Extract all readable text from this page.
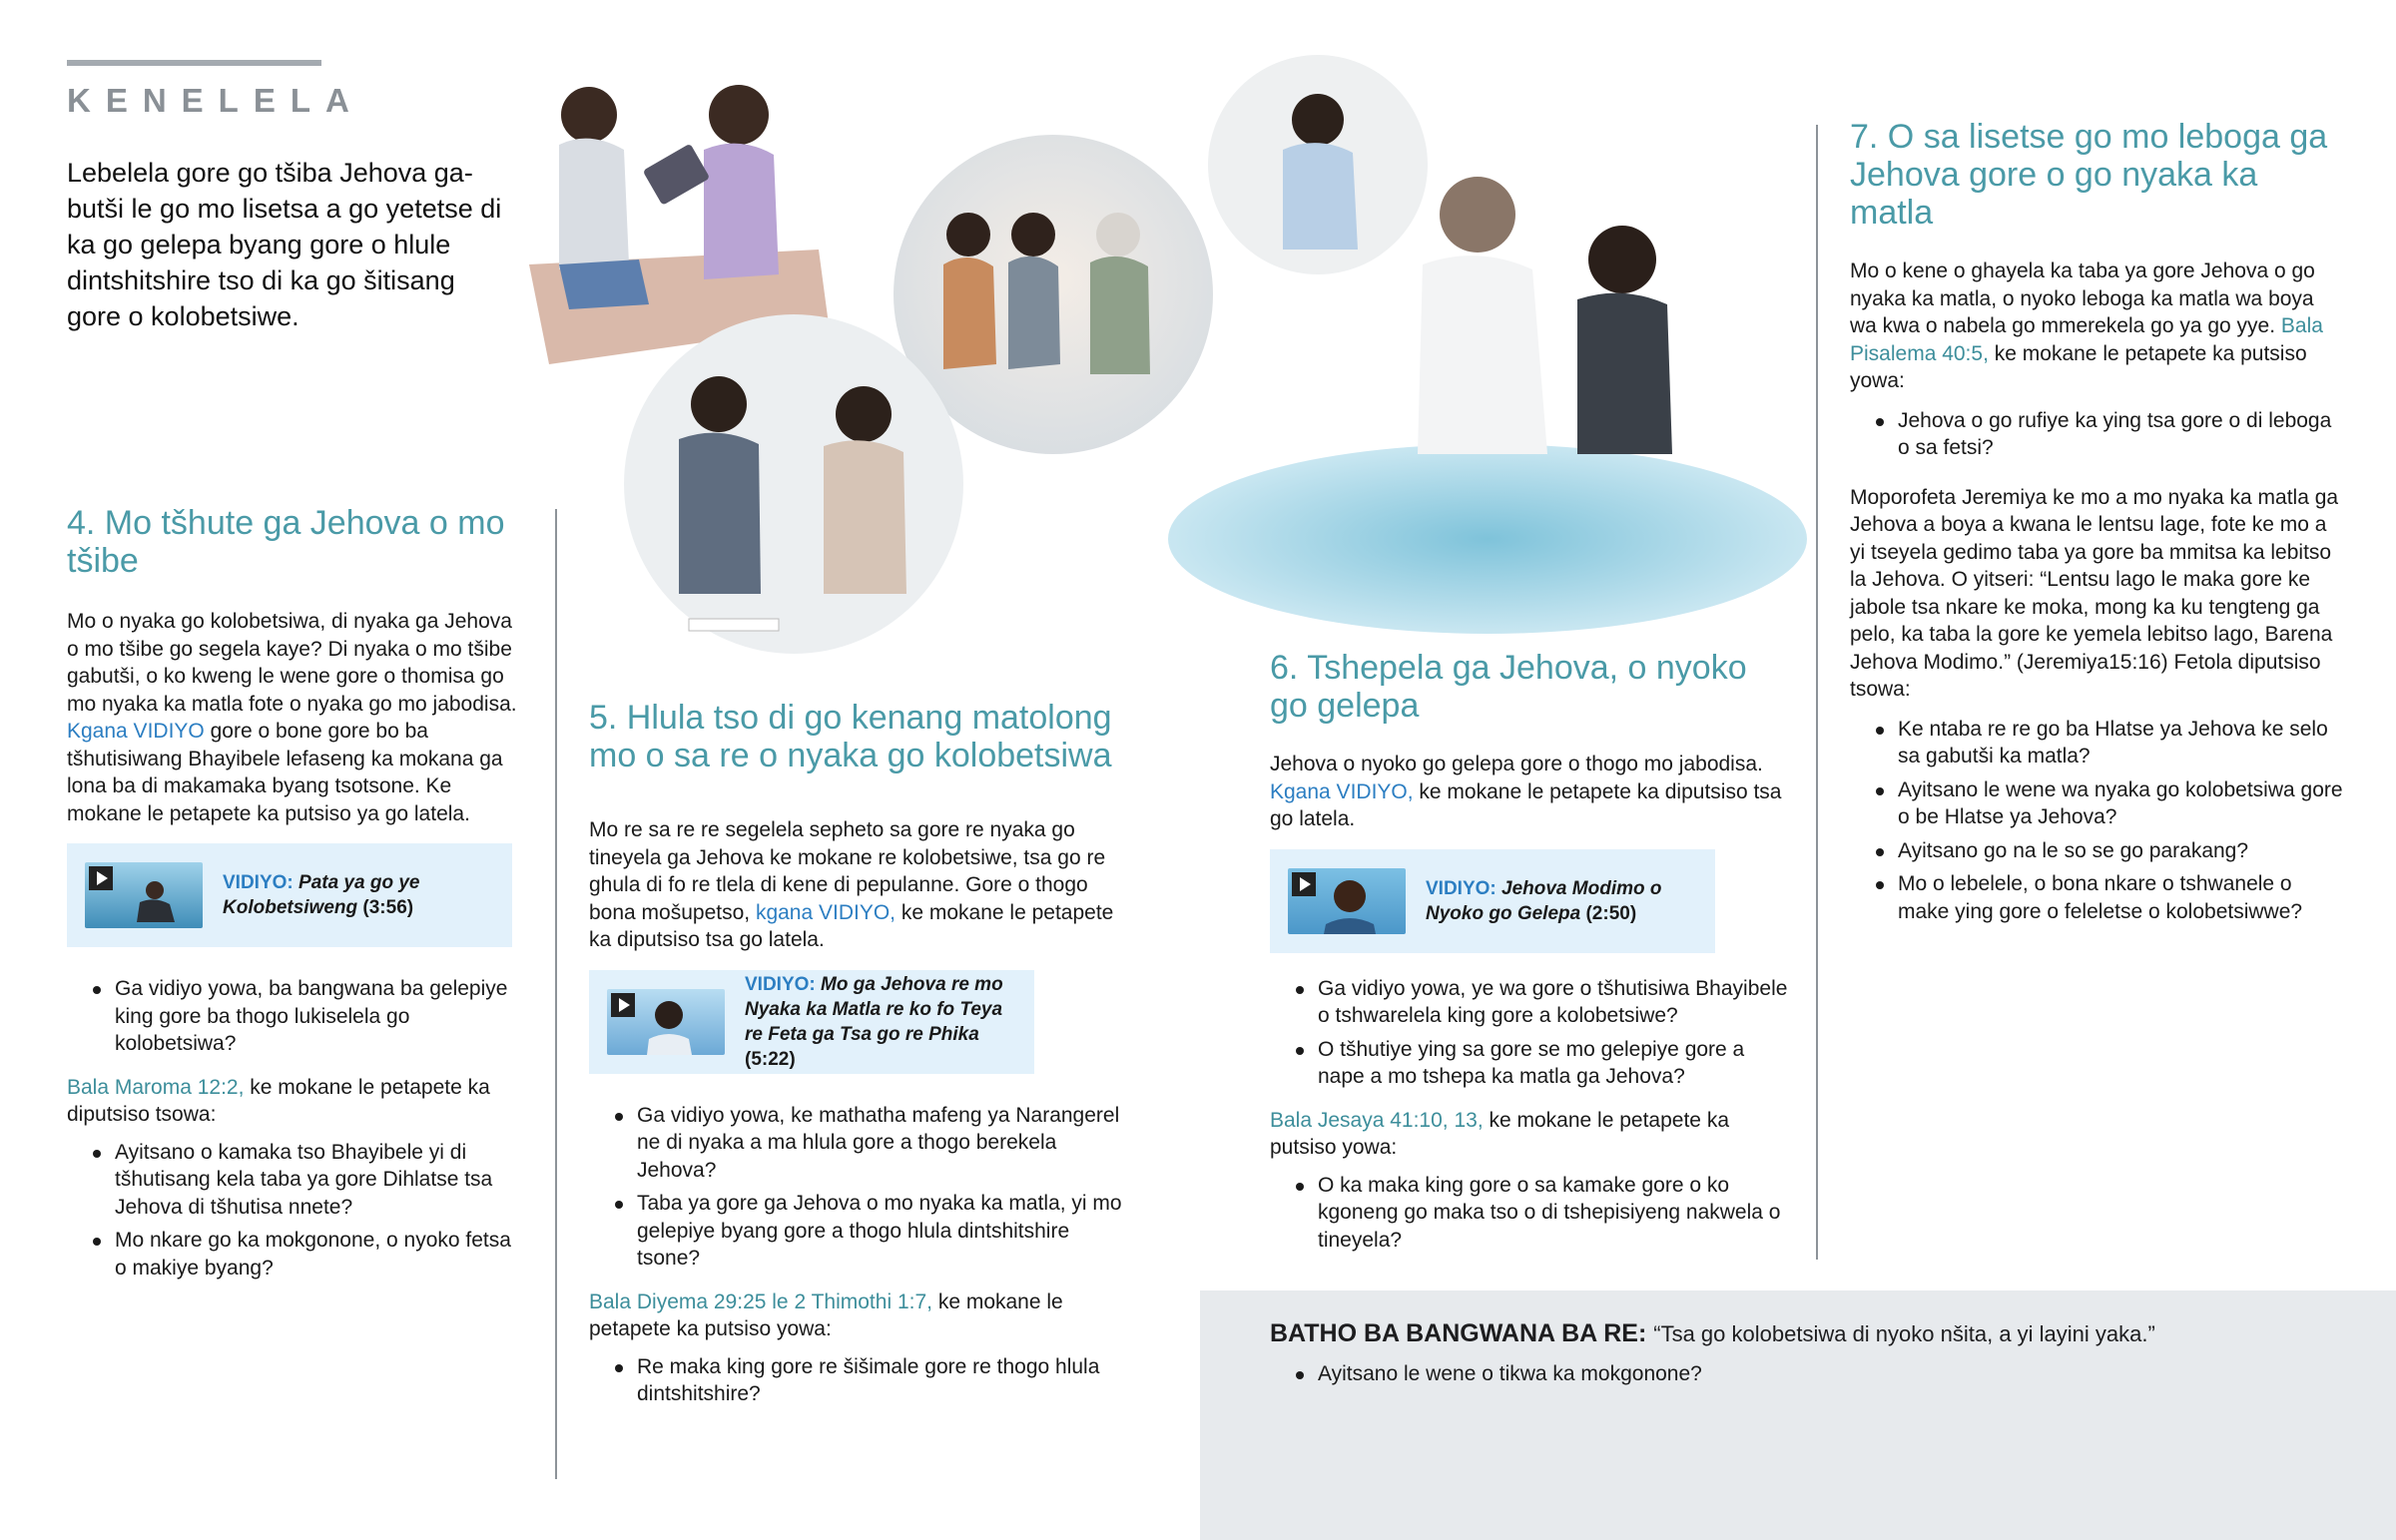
KENELELA
Lebelela gore go tšiba Jehova gabutši le go mo lisetsa a go yetetse di ka go gelepa byang gore o hlule dintshitshire tso di ka go šitisang gore o kolobetsiwe.
4. Mo tšhute ga Jehova o mo tšibe

Mo o nyaka go kolobetsiwa, di nyaka ga Jehova o mo tšibe go segela kaye? Di nyaka o mo tšibe gabutši, o ko kweng le wene gore o thomisa go mo nyaka ka matla fote o nyaka go mo jabodisa. Kgana VIDIYO gore o bone gore bo ba tšhutisiwang Bhayibele lefaseng ka mokana ga lona ba di makamaka byang tsotsone. Ke mokane le petapete ka putsiso ya go latela.

VIDIYO: Pata ya go ye Kolobetsiweng (3:56)
Ga vidiyo yowa, ba bangwana ba gelepiye king gore ba thogo lukiselela go kolobetsiwa?

Bala Maroma 12:2, ke mokane le petapete ka diputsiso tsowa:

Ayitsano o kamaka tso Bhayibele yi di tšhutisang kela taba ya gore Dihlatse tsa Jehova di tšhutisa nnete?
Mo nkare go ka mokgonone, o nyoko fetsa o makiye byang?
5. Hlula tso di go kenang matolong mo o sa re o nyaka go kolobetsiwa

Mo re sa re re segelela sepheto sa gore re nyaka go tineyela ga Jehova ke mokane re kolobetsiwe, tsa go re ghula di fo re tlela di kene di pepulanne. Gore o thogo bona mošupetso, kgana VIDIYO, ke mokane le petapete ka diputsiso tsa go latela.

VIDIYO: Mo ga Jehova re mo Nyaka ka Matla re ko fo Teya re Feta ga Tsa go re Phika (5:22)
Ga vidiyo yowa, ke mathatha mafeng ya Narangerel ne di nyaka a ma hlula gore a thogo berekela Jehova?
Taba ya gore ga Jehova o mo nyaka ka matla, yi mo gelepiye byang gore a thogo hlula dintshitshire tsone?

Bala Diyema 29:25 le 2 Thimothi 1:7, ke mokane le petapete ka putsiso yowa:

Re maka king gore re šišimale gore re thogo hlula dintshitshire?
6. Tshepela ga Jehova, o nyoko go gelepa

Jehova o nyoko go gelepa gore o thogo mo jabodisa. Kgana VIDIYO, ke mokane le petapete ka diputsiso tsa go latela.

VIDIYO: Jehova Modimo o Nyoko go Gelepa (2:50)
Ga vidiyo yowa, ye wa gore o tšhutisiwa Bhayibele o tshwarelela king gore a kolobetsiwe?
O tšhutiye ying sa gore se mo gelepiye gore a nape a mo tshepa ka matla ga Jehova?

Bala Jesaya 41:10, 13, ke mokane le petapete ka putsiso yowa:

O ka maka king gore o sa kamake gore o ko kgoneng go maka tso o di tshepisiyeng nakwela o tineyela?
7. O sa lisetse go mo leboga ga Jehova gore o go nyaka ka matla

Mo o kene o ghayela ka taba ya gore Jehova o go nyaka ka matla, o nyoko leboga ka matla wa boya wa kwa o nabela go mmerekela go ya go yye. Bala Pisalema 40:5, ke mokane le petapete ka putsiso yowa:

Jehova o go rufiye ka ying tsa gore o di leboga o sa fetsi?

Moporofeta Jeremiya ke mo a mo nyaka ka matla ga Jehova a boya a kwana le lentsu lage, fote ke mo a yi tseyela gedimo taba ya gore ba mmitsa ka lebitso la Jehova. O yitseri: “Lentsu lago le maka gore ke jabole tsa nkare ke moka, mong ka ku tengteng ga pelo, ka taba la gore ke yemela lebitso lago, Barena Jehova Modimo.” (Jeremiya15:16) Fetola diputsiso tsowa:

Ke ntaba re re go ba Hlatse ya Jehova ke selo sa gabutši ka matla?
Ayitsano le wene wa nyaka go kolobetsiwa gore o be Hlatse ya Jehova?
Ayitsano go na le so se go parakang?
Mo o lebelele, o bona nkare o tshwanele o make ying gore o feleletse o kolobetsiwwe?
BATHO BA BANGWANA BA RE: “Tsa go kolobetsiwa di nyoko nšita, a yi layini yaka.”
Ayitsano le wene o tikwa ka mokgonone?
